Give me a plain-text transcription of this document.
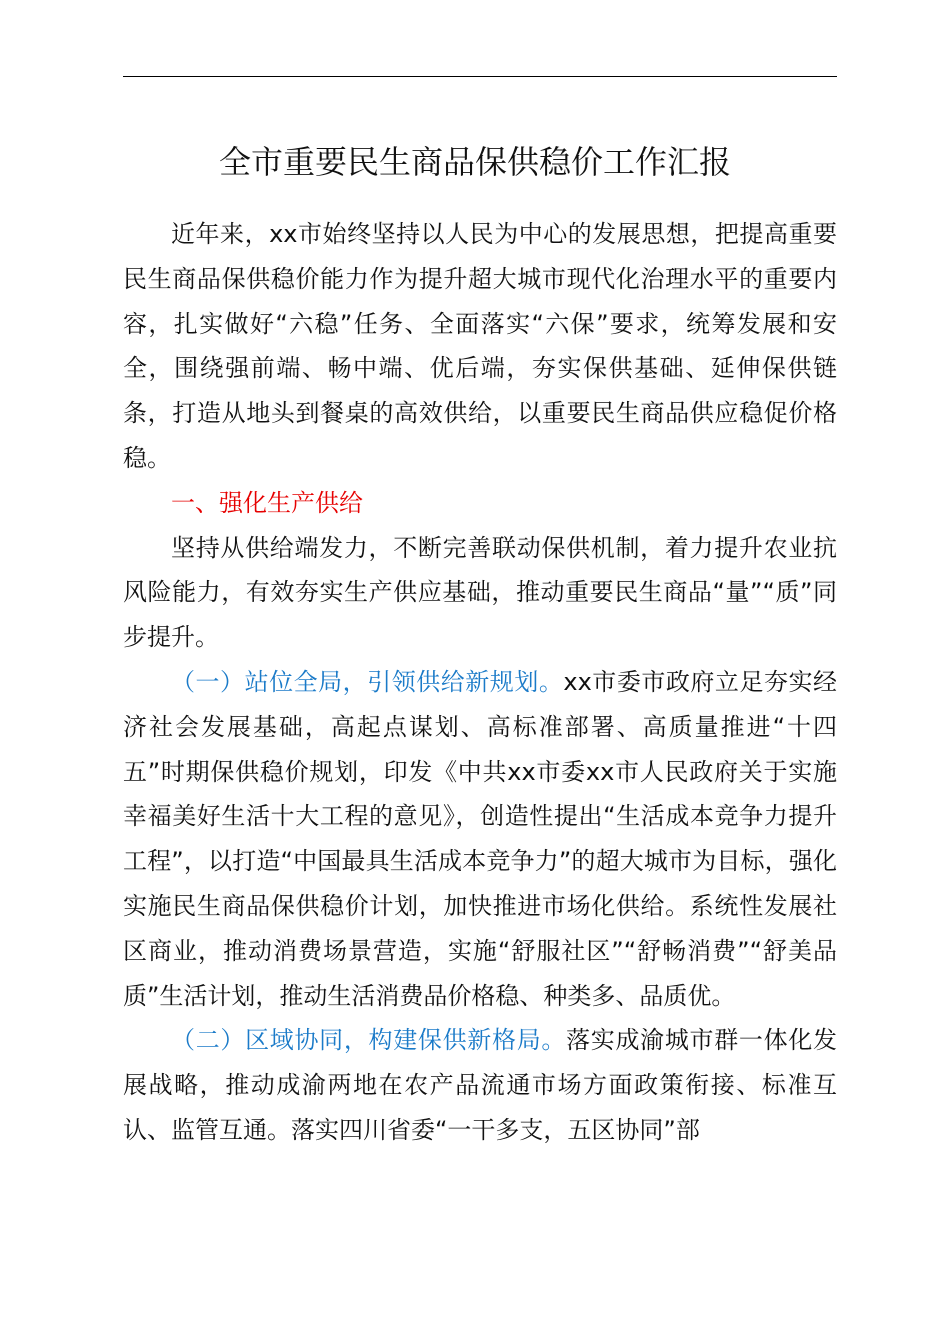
全市重要民生商品保供稳价工作汇报

近年来，xx市始终坚持以人民为中心的发展思想，把提高重要民生商品保供稳价能力作为提升超大城市现代化治理水平的重要内容，扎实做好“六稳”任务、全面落实“六保”要求，统筹发展和安全，围绕强前端、畅中端、优后端，夯实保供基础、延伸保供链条，打造从地头到餐桌的高效供给，以重要民生商品供应稳促价格稳。

一、强化生产供给

坚持从供给端发力，不断完善联动保供机制，着力提升农业抗风险能力，有效夯实生产供应基础，推动重要民生商品“量”“质”同步提升。

（一）站位全局，引领供给新规划。xx市委市政府立足夯实经济社会发展基础，高起点谋划、高标准部署、高质量推进“十四五”时期保供稳价规划，印发《中共xx市委xx市人民政府关于实施幸福美好生活十大工程的意见》，创造性提出“生活成本竞争力提升工程”，以打造“中国最具生活成本竞争力”的超大城市为目标，强化实施民生商品保供稳价计划，加快推进市场化供给。系统性发展社区商业，推动消费场景营造，实施“舒服社区”“舒畅消费”“舒美品质”生活计划，推动生活消费品价格稳、种类多、品质优。

（二）区域协同，构建保供新格局。落实成渝城市群一体化发展战略，推动成渝两地在农产品流通市场方面政策衔接、标准互认、监管互通。落实四川省委“一干多支，五区协同”部
